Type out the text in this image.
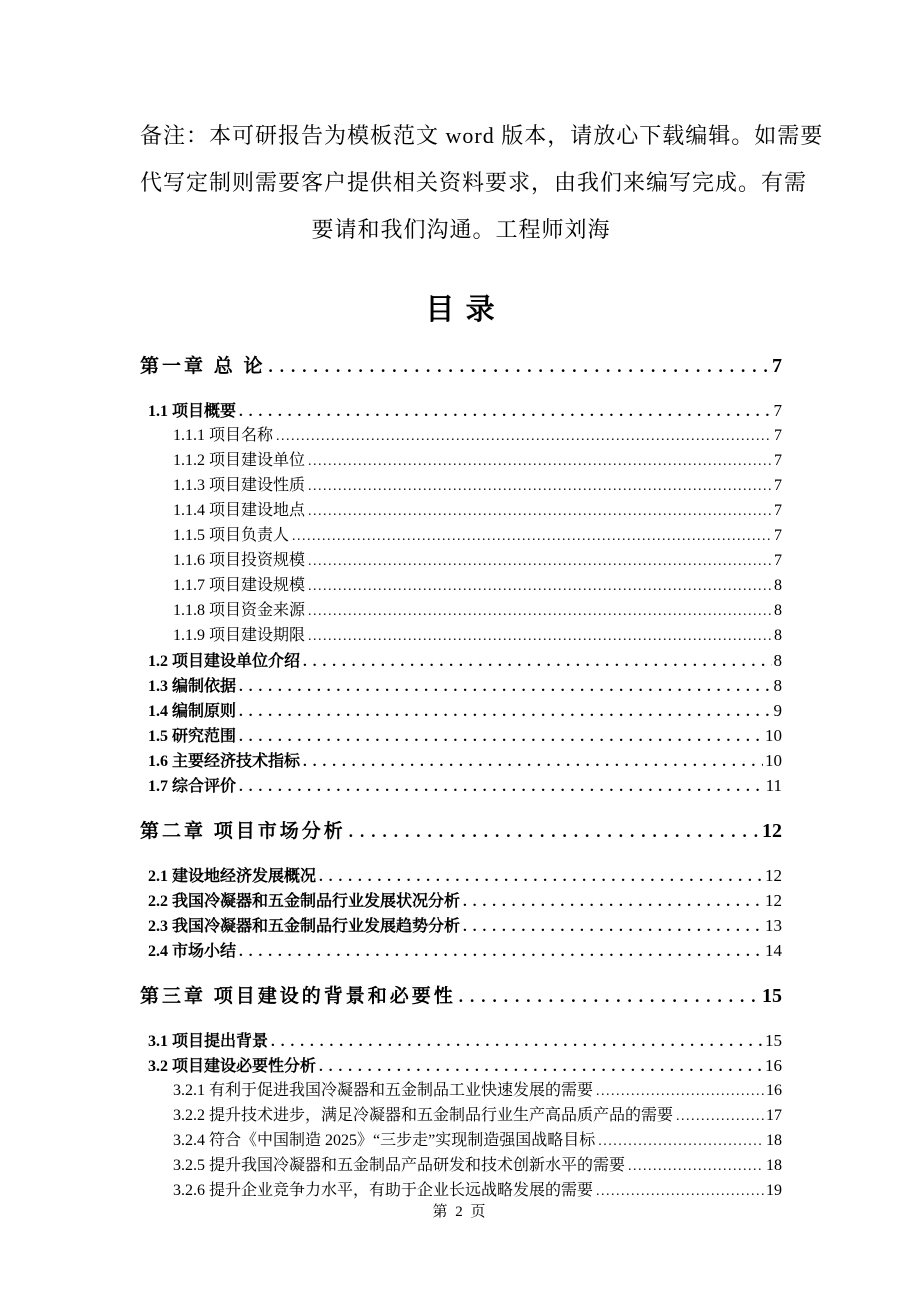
备注：本可研报告为模板范文 word 版本，请放心下载编辑。如需要
代写定制则需要客户提供相关资料要求，由我们来编写完成。有需
要请和我们沟通。工程师刘海
目 录
第一章 总 论 .....	7
1.1 项目概要 .....	7
1.1.1 项目名称 .....	7
1.1.2 项目建设单位 .....	7
1.1.3 项目建设性质 .....	7
1.1.4 项目建设地点 .....	7
1.1.5 项目负责人 .....	7
1.1.6 项目投资规模 .....	7
1.1.7 项目建设规模 .....	8
1.1.8 项目资金来源 .....	8
1.1.9 项目建设期限 .....	8
1.2 项目建设单位介绍 .....	8
1.3 编制依据 .....	8
1.4 编制原则 .....	9
1.5 研究范围 .....	10
1.6 主要经济技术指标 .....	10
1.7 综合评价 .....	11
第二章 项目市场分析 .....	12
2.1 建设地经济发展概况 .....	12
2.2 我国冷凝器和五金制品行业发展状况分析 .....	12
2.3 我国冷凝器和五金制品行业发展趋势分析 .....	13
2.4 市场小结 .....	14
第三章 项目建设的背景和必要性 .....	15
3.1 项目提出背景 .....	15
3.2 项目建设必要性分析 .....	16
3.2.1 有利于促进我国冷凝器和五金制品工业快速发展的需要 .....	16
3.2.2 提升技术进步，满足冷凝器和五金制品行业生产高品质产品的需要 .....	17
3.2.4 符合《中国制造 2025》“三步走”实现制造强国战略目标 .....	18
3.2.5 提升我国冷凝器和五金制品产品研发和技术创新水平的需要 .....	18
3.2.6 提升企业竞争力水平，有助于企业长远战略发展的需要 .....	19
第 2 页
